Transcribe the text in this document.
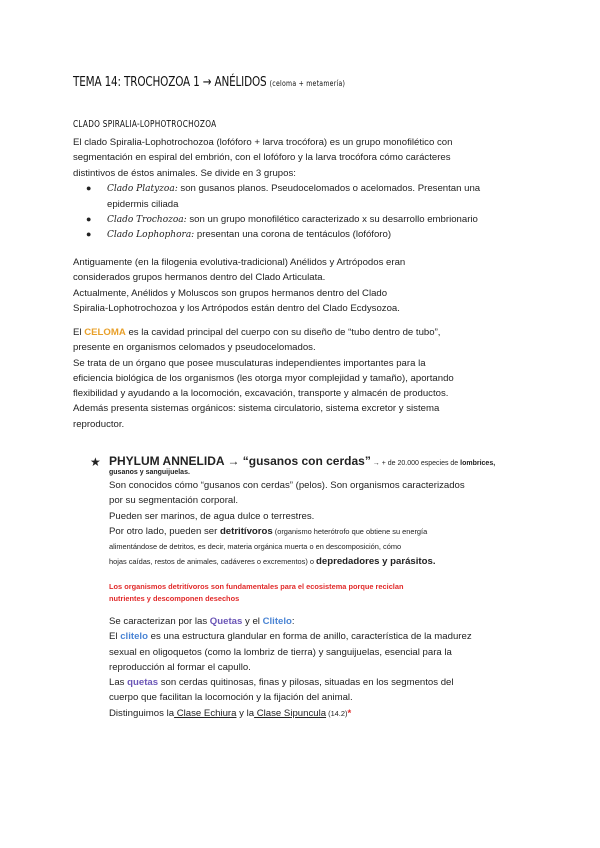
TEMA 14: TROCHOZOA 1 → ANÉLIDOS (celoma + metamería)
CLADO SPIRALIA-LOPHOTROCHOZOA
El clado Spiralia-Lophotrochozoa (lofóforo + larva trocófora) es un grupo monofilético con
segmentación en espiral del embrión, con el lofóforo y la larva trocófora cómo carácteres
distintivos de éstos animales. Se divide en 3 grupos:
● Clado Platyzoa: son gusanos planos. Pseudocelomados o acelomados. Presentan una
epidermis ciliada
● Clado Trochozoa: son un grupo monofilético caracterizado x su desarrollo embrionario
● Clado Lophophora: presentan una corona de tentáculos (lofóforo)
Antiguamente (en la filogenia evolutiva-tradicional) Anélidos y Artrópodos eran
considerados grupos hermanos dentro del Clado Articulata.
Actualmente, Anélidos y Moluscos son grupos hermanos dentro del Clado
Spiralia-Lophotrochozoa y los Artrópodos están dentro del Clado Ecdysozoa.
El CELOMA es la cavidad principal del cuerpo con su diseño de “tubo dentro de tubo”,
presente en organismos celomados y pseudocelomados.
Se trata de un órgano que posee musculaturas independientes importantes para la
eficiencia biológica de los organismos (les otorga myor complejidad y tamaño), aportando
flexibilidad y ayudando a la locomoción, excavación, transporte y almacén de productos.
Además presenta sistemas orgánicos: sistema circulatorio, sistema excretor y sistema
reproductor.
★ PHYLUM ANNELIDA → “gusanos con cerdas” → + de 20.000 especies de lombrices,
gusanos y sanguijuelas.
Son conocidos cómo “gusanos con cerdas” (pelos). Son organismos caracterizados
por su segmentación corporal.
Pueden ser marinos, de agua dulce o terrestres.
Por otro lado, pueden ser detritívoros (organismo heterótrofo que obtiene su energía
alimentándose de detritos, es decir, materia orgánica muerta o en descomposición, cómo
hojas caídas, restos de animales, cadáveres o excrementos) o depredadores y parásitos.
Los organismos detritívoros son fundamentales para el ecosistema porque reciclan
nutrientes y descomponen desechos
Se caracterizan por las Quetas y el Clitelo:
El clitelo es una estructura glandular en forma de anillo, característica de la madurez
sexual en oligoquetos (como la lombriz de tierra) y sanguijuelas, esencial para la
reproducción al formar el capullo.
Las quetas son cerdas quitinosas, finas y pilosas, situadas en los segmentos del
cuerpo que facilitan la locomoción y la fijación del animal.
Distinguimos la Clase Echiura y la Clase Sipuncula (14.2)*
